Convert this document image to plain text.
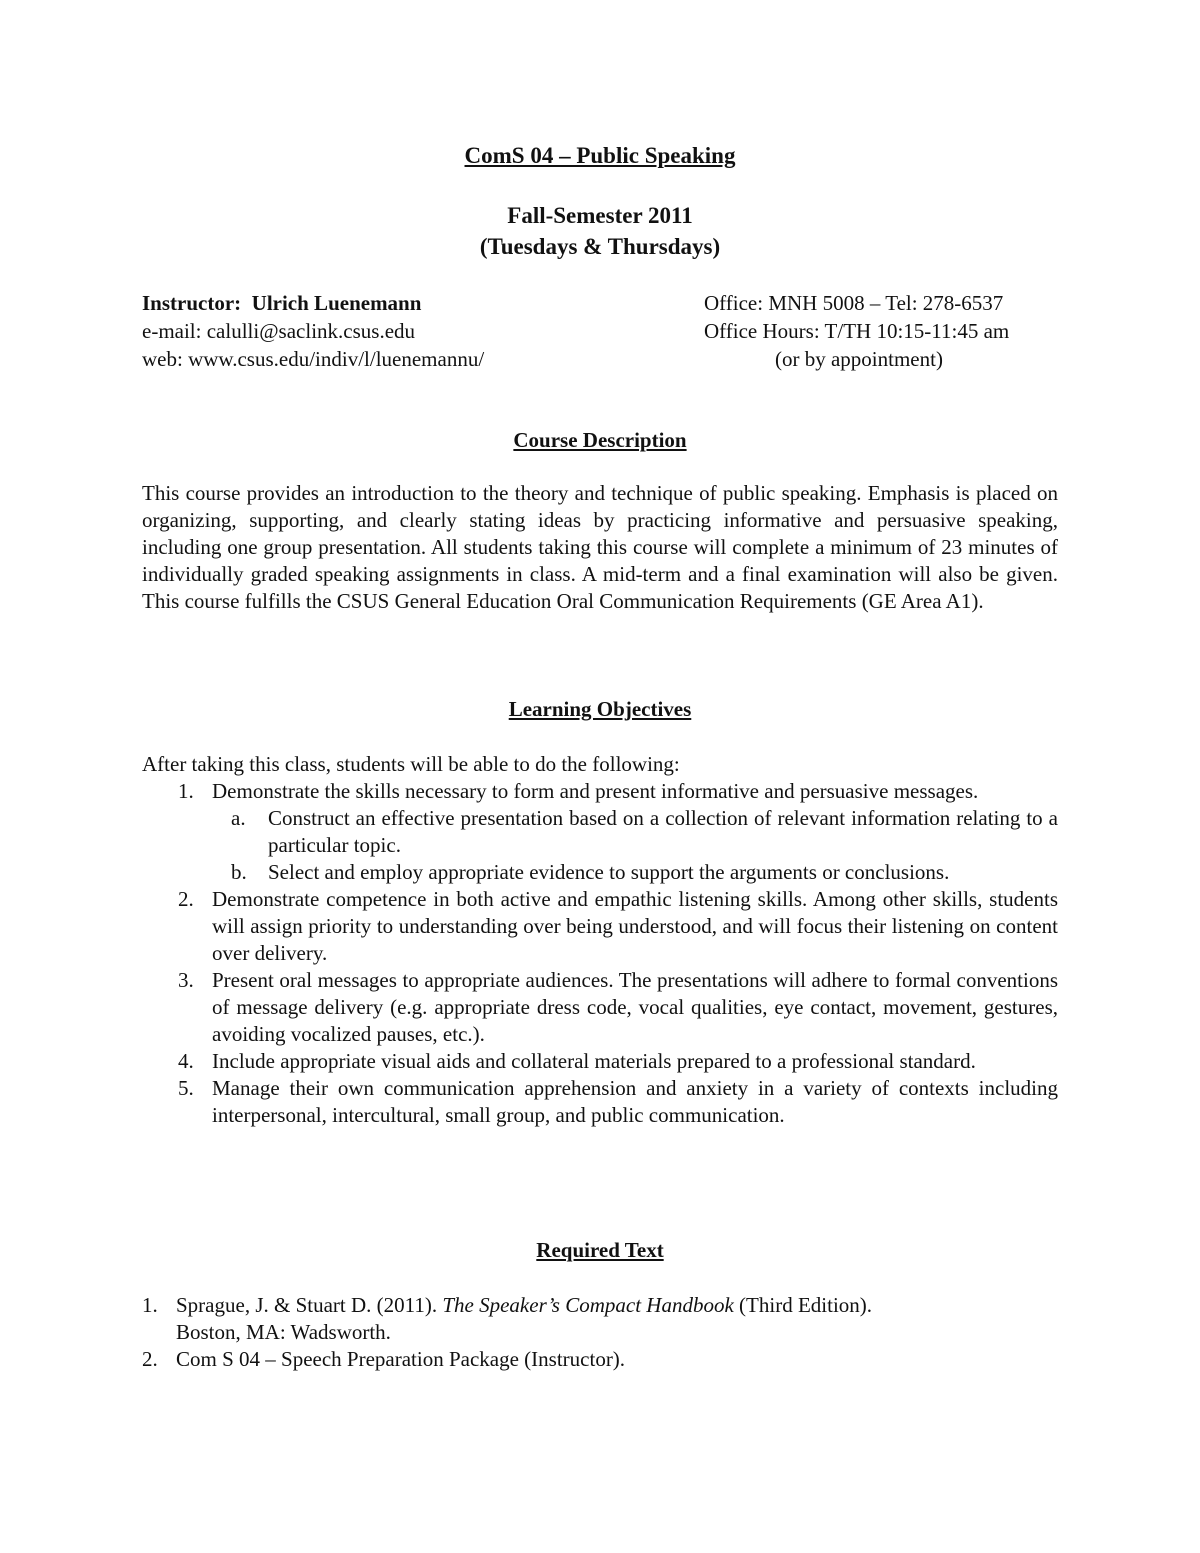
ComS 04 – Public Speaking
Fall-Semester 2011
(Tuesdays & Thursdays)
Instructor: Ulrich Luenemann	Office: MNH 5008 – Tel: 278-6537
e-mail: calulli@saclink.csus.edu	Office Hours: T/TH 10:15-11:45 am
web: www.csus.edu/indiv/l/luenemannu/	(or by appointment)
Course Description
This course provides an introduction to the theory and technique of public speaking. Emphasis is placed on organizing, supporting, and clearly stating ideas by practicing informative and persuasive speaking, including one group presentation. All students taking this course will complete a minimum of 23 minutes of individually graded speaking assignments in class. A mid-term and a final examination will also be given. This course fulfills the CSUS General Education Oral Communication Requirements (GE Area A1).
Learning Objectives
After taking this class, students will be able to do the following:
1. Demonstrate the skills necessary to form and present informative and persuasive messages.
a. Construct an effective presentation based on a collection of relevant information relating to a particular topic.
b. Select and employ appropriate evidence to support the arguments or conclusions.
2. Demonstrate competence in both active and empathic listening skills. Among other skills, students will assign priority to understanding over being understood, and will focus their listening on content over delivery.
3. Present oral messages to appropriate audiences. The presentations will adhere to formal conventions of message delivery (e.g. appropriate dress code, vocal qualities, eye contact, movement, gestures, avoiding vocalized pauses, etc.).
4. Include appropriate visual aids and collateral materials prepared to a professional standard.
5. Manage their own communication apprehension and anxiety in a variety of contexts including interpersonal, intercultural, small group, and public communication.
Required Text
1. Sprague, J. & Stuart D. (2011). The Speaker’s Compact Handbook (Third Edition).
Boston, MA: Wadsworth.
2. Com S 04 – Speech Preparation Package (Instructor).
